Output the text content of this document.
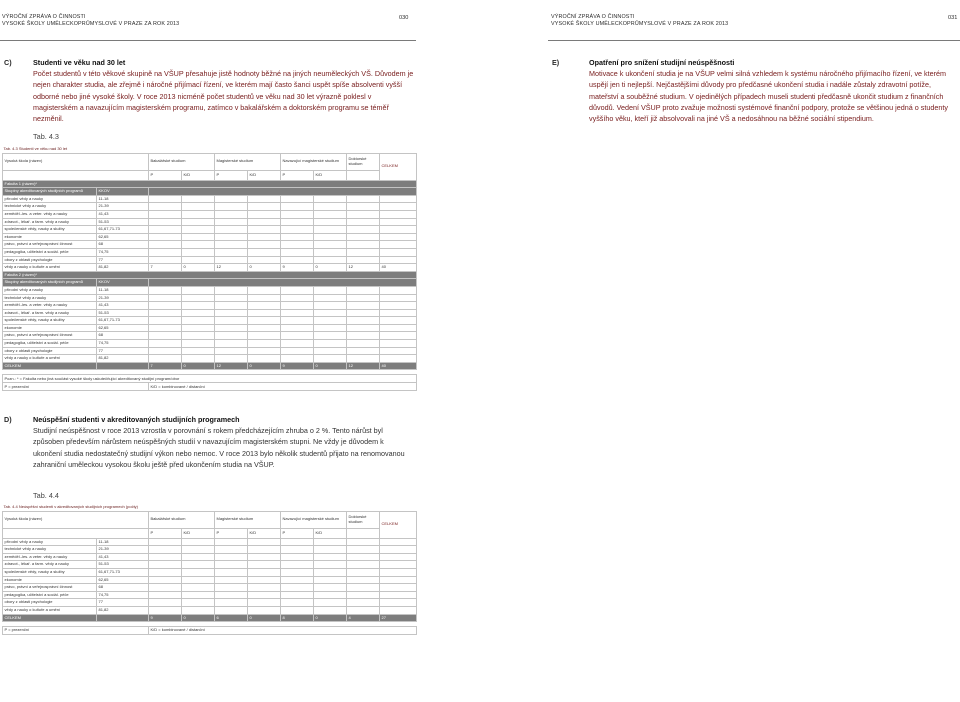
VÝROČNÍ ZPRÁVA O ČINNOSTI
VYSOKÉ ŠKOLY UMĚLECKOPRŮMYSLOVÉ V PRAZE ZA ROK 2013
030
C)	Studenti ve věku nad 30 let
Počet studentů v této věkové skupině na VŠUP přesahuje jistě hodnoty běžné na jiných neuměleckých VŠ. Důvodem je nejen charakter studia, ale zřejmě i náročné přijímací řízení, ve kterém mají často šanci uspět spíše absolventi vyšší odborné nebo jiné vysoké školy. V roce 2013 nicméně počet studentů ve věku nad 30 let výrazně poklesl v magisterském a navazujícím magisterském programu, zatímco v bakalářském a doktorském programu se téměř nezměnil.
Tab. 4.3
Tab. 4.3 Studenti ve věku nad 30 let									
Vysoká škola (název)		Bakalářské studium		Magisterské studium		Navazující magisterské studium		Doktorské studium	CELKEM
		P	K/D	P	K/D	P	K/D		
Fakulta 1 (název)*									
Skupiny akreditovaných studijních programů	KKOV								
přírodní vědy a nauky	11-18								
technické vědy a nauky	21-39								
zeměděl.-les. a veter. vědy a nauky	41,43								
zdravot., lékař. a farm. vědy a nauky	51-53								
společenské vědy, nauky a služby	61,67,71-73								
ekonomie	62,65								
právo, právní a veřejnosprávní činnost	68								
pedagogika, učitelství a sociál. péče	74,75								
obory z oblasti psychologie	77								
vědy a nauky o kultuře a umění	81,82	7	0	12	0	9	0	12	40
Fakulta 2 (název)*									
Skupiny akreditovaných studijních programů	KKOV								
přírodní vědy a nauky	11-18								
technické vědy a nauky	21-39								
zeměděl.-les. a veter. vědy a nauky	41,43								
zdravot., lékař. a farm. vědy a nauky	51-53								
společenské vědy, nauky a služby	61,67,71-73								
ekonomie	62,65								
právo, právní a veřejnosprávní činnost	68								
pedagogika, učitelství a sociál. péče	74,75								
obory z oblasti psychologie	77								
vědy a nauky o kultuře a umění	81,82								
CELKEM		7	0	12	0	9	0	12	40

Pozn.: * = Fakulta nebo jiná součást vysoké školy uskutečňující akreditovaný studijní program/obor									
P = prezenční		K/D = kombinované / distanční							
D)	Neúspěšní studenti v akreditovaných studijních programech
Studijní neúspěšnost v roce 2013 vzrostla v porovnání s rokem předcházejícím zhruba o 2 %. Tento nárůst byl způsoben především nárůstem neúspěšných studií v navazujícím magisterském stupni. Ne vždy je důvodem k ukončení studia nedostatečný studijní výkon nebo nemoc. V roce 2013 bylo několik studentů přijato na renomovanou zahraniční uměleckou vysokou školu ještě před ukončením studia na VŠUP.
Tab. 4.4
Tab. 4.4 Neúspěšní studenti v akreditovaných studijních programech (počty)									
Vysoká škola (název)		Bakalářské studium		Magisterské studium		Navazující magisterské studium		Doktorské studium	CELKEM
		P	K/D	P	K/D	P	K/D		
přírodní vědy a nauky	11-18								
technické vědy a nauky	21-39								
zeměděl.-les. a veter. vědy a nauky	41,43								
zdravot., lékař. a farm. vědy a nauky	51-53								
společenské vědy, nauky a služby	61,67,71-73								
ekonomie	62,65								
právo, právní a veřejnosprávní činnost	68								
pedagogika, učitelství a sociál. péče	74,75								
obory z oblasti psychologie	77								
vědy a nauky o kultuře a umění	81,82								
CELKEM		9	0	6	0	8	0	4	27

P = prezenční		K/D = kombinované / distanční							
VÝROČNÍ ZPRÁVA O ČINNOSTI
VYSOKÉ ŠKOLY UMĚLECKOPRŮMYSLOVÉ V PRAZE ZA ROK 2013
031
E)	Opatření pro snížení studijní neúspěšnosti
Motivace k ukončení studia je na VŠUP velmi silná vzhledem k systému náročného přijímacího řízení, ve kterém uspějí jen ti nejlepší. Nejčastějšími důvody pro předčasné ukončení studia i nadále zůstaly zdravotní potíže, mateřství a souběžné studium. V ojedinělých případech museli studenti předčasně ukončit studium z finančních důvodů. Vedení VŠUP proto zvažuje možnosti systémové finanční podpory, protože se většinou jedná o studenty vyššího věku, kteří již absolvovali na jiné VŠ a nedosáhnou na běžné sociální stipendium.
